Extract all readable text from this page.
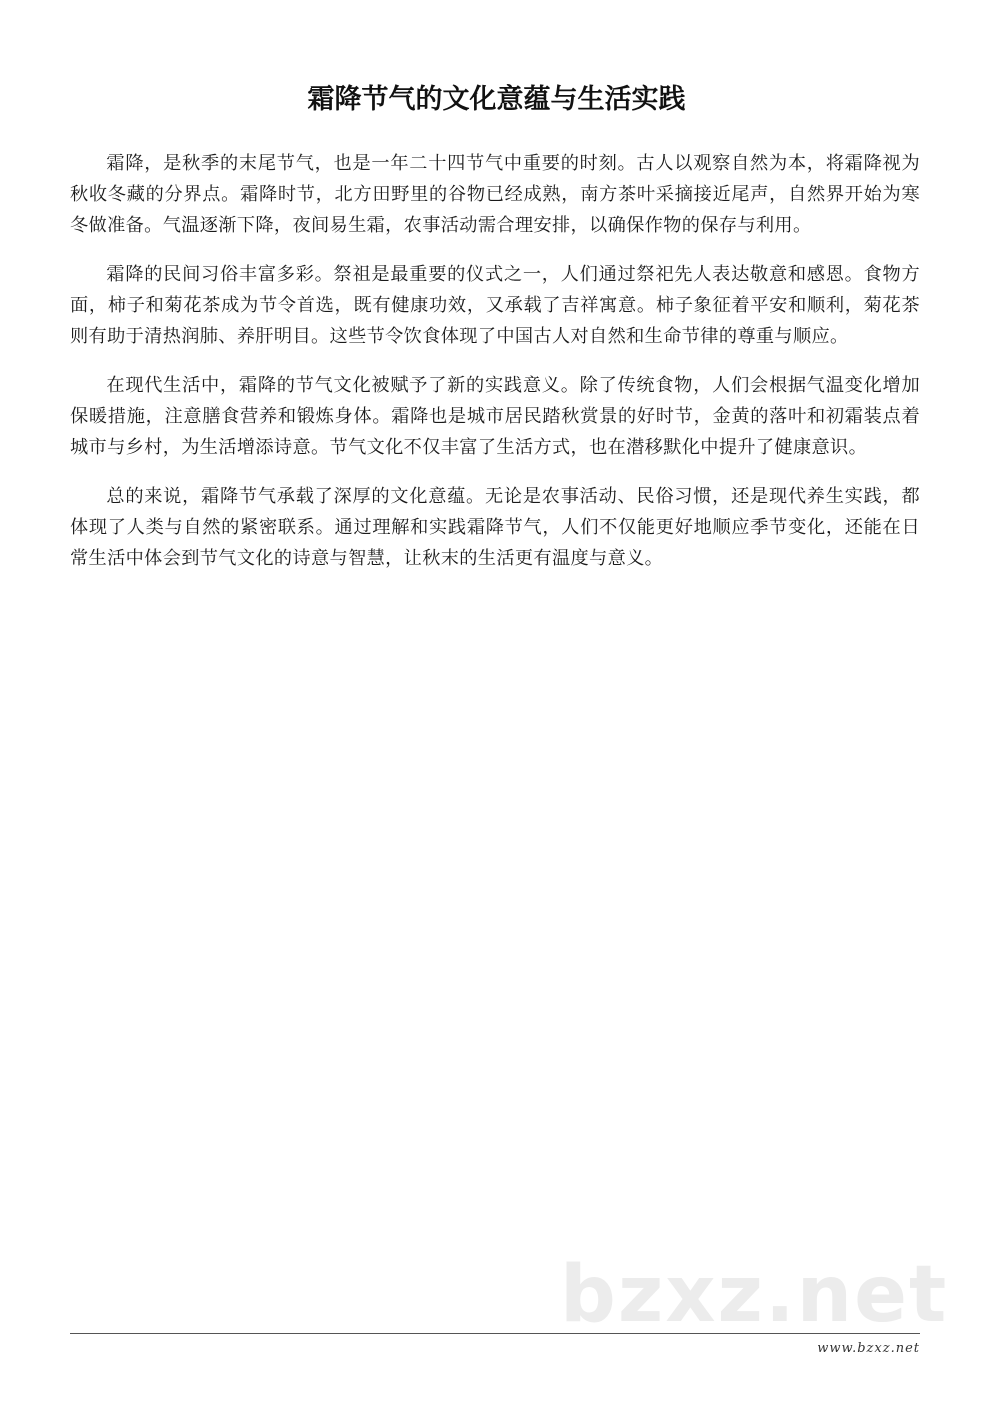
霜降节气的文化意蕴与生活实践

霜降，是秋季的末尾节气，也是一年二十四节气中重要的时刻。古人以观察自然为本，将霜降视为秋收冬藏的分界点。霜降时节，北方田野里的谷物已经成熟，南方茶叶采摘接近尾声，自然界开始为寒冬做准备。气温逐渐下降，夜间易生霜，农事活动需合理安排，以确保作物的保存与利用。

霜降的民间习俗丰富多彩。祭祖是最重要的仪式之一，人们通过祭祀先人表达敬意和感恩。食物方面，柿子和菊花茶成为节令首选，既有健康功效，又承载了吉祥寓意。柿子象征着平安和顺利，菊花茶则有助于清热润肺、养肝明目。这些节令饮食体现了中国古人对自然和生命节律的尊重与顺应。

在现代生活中，霜降的节气文化被赋予了新的实践意义。除了传统食物，人们会根据气温变化增加保暖措施，注意膳食营养和锻炼身体。霜降也是城市居民踏秋赏景的好时节，金黄的落叶和初霜装点着城市与乡村，为生活增添诗意。节气文化不仅丰富了生活方式，也在潜移默化中提升了健康意识。

总的来说，霜降节气承载了深厚的文化意蕴。无论是农事活动、民俗习惯，还是现代养生实践，都体现了人类与自然的紧密联系。通过理解和实践霜降节气，人们不仅能更好地顺应季节变化，还能在日常生活中体会到节气文化的诗意与智慧，让秋末的生活更有温度与意义。

bzxz.net
www.bzxz.net
